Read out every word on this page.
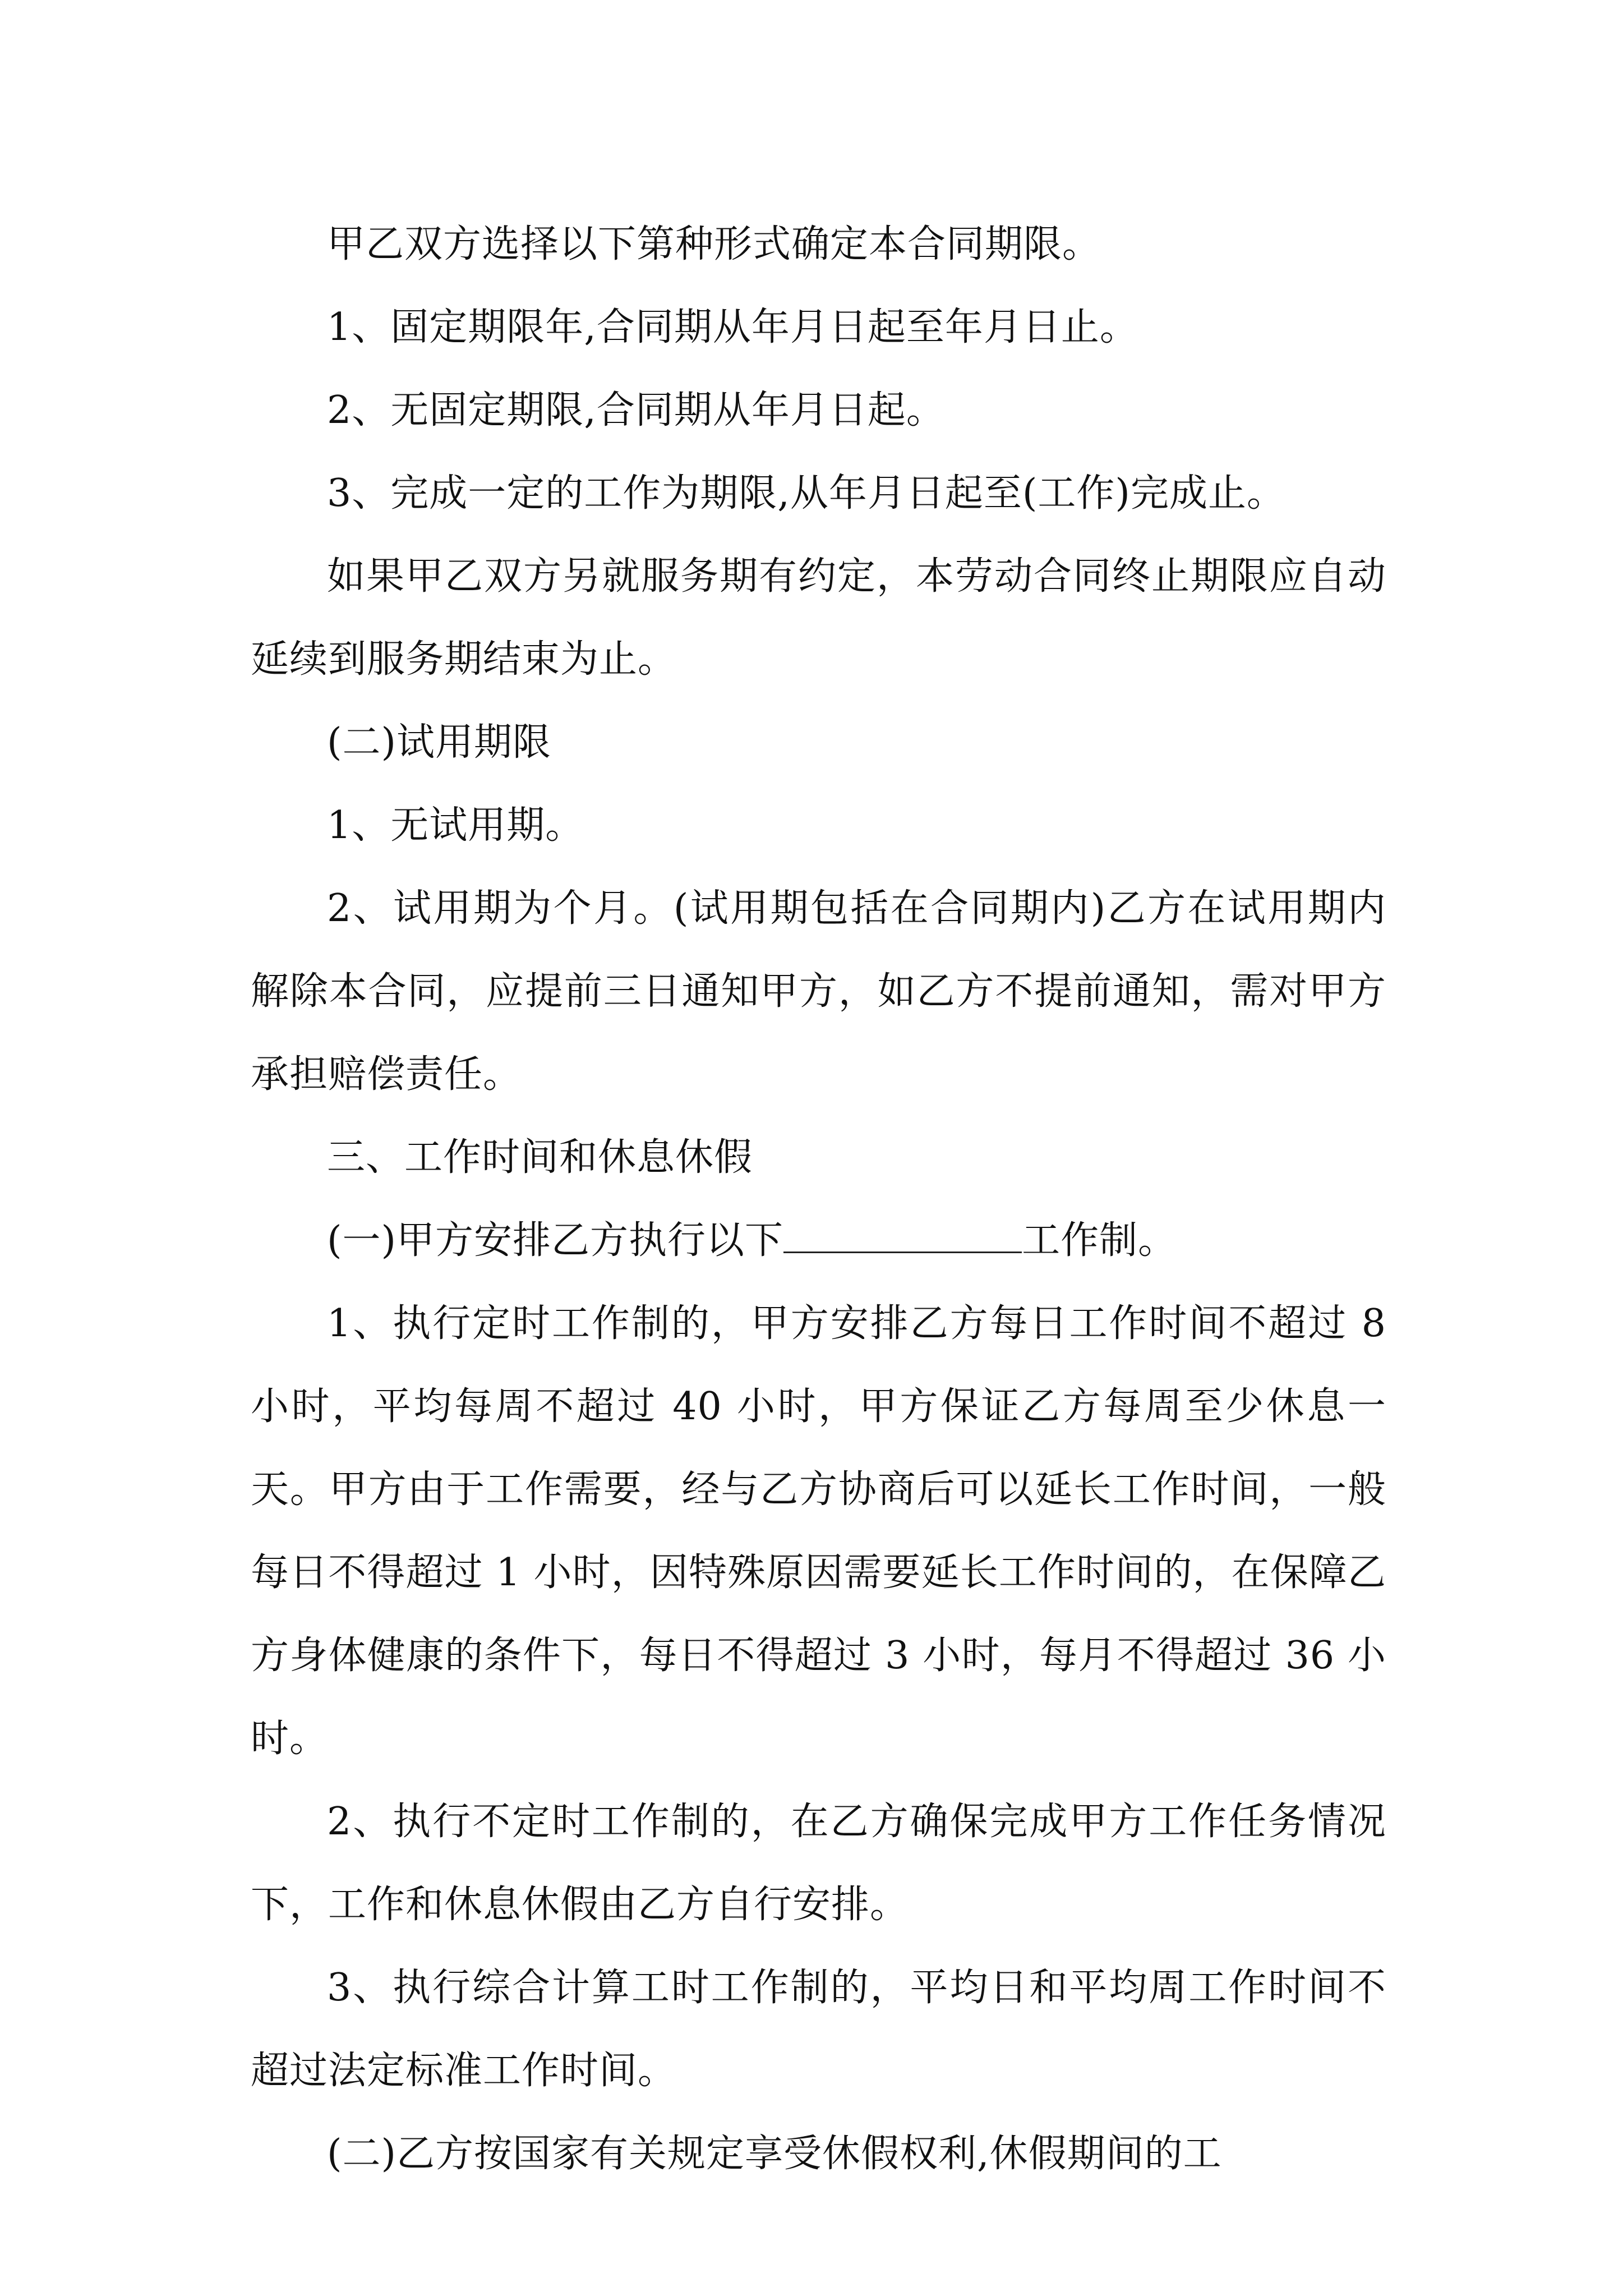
甲乙双方选择以下第种形式确定本合同期限。

1、固定期限年,合同期从年月日起至年月日止。

2、无固定期限,合同期从年月日起。

3、完成一定的工作为期限,从年月日起至(工作)完成止。

如果甲乙双方另就服务期有约定，本劳动合同终止期限应自动延续到服务期结束为止。

(二)试用期限

1、无试用期。

2、试用期为个月。(试用期包括在合同期内)乙方在试用期内解除本合同，应提前三日通知甲方，如乙方不提前通知，需对甲方承担赔偿责任。

三、工作时间和休息休假

(一)甲方安排乙方执行以下	工作制。

1、执行定时工作制的，甲方安排乙方每日工作时间不超过 8 小时，平均每周不超过 40 小时，甲方保证乙方每周至少休息一天。甲方由于工作需要，经与乙方协商后可以延长工作时间，一般每日不得超过 1 小时，因特殊原因需要延长工作时间的，在保障乙方身体健康的条件下，每日不得超过 3 小时，每月不得超过 36 小时。

2、执行不定时工作制的，在乙方确保完成甲方工作任务情况下，工作和休息休假由乙方自行安排。

3、执行综合计算工时工作制的，平均日和平均周工作时间不超过法定标准工作时间。

(二)乙方按国家有关规定享受休假权利,休假期间的工
